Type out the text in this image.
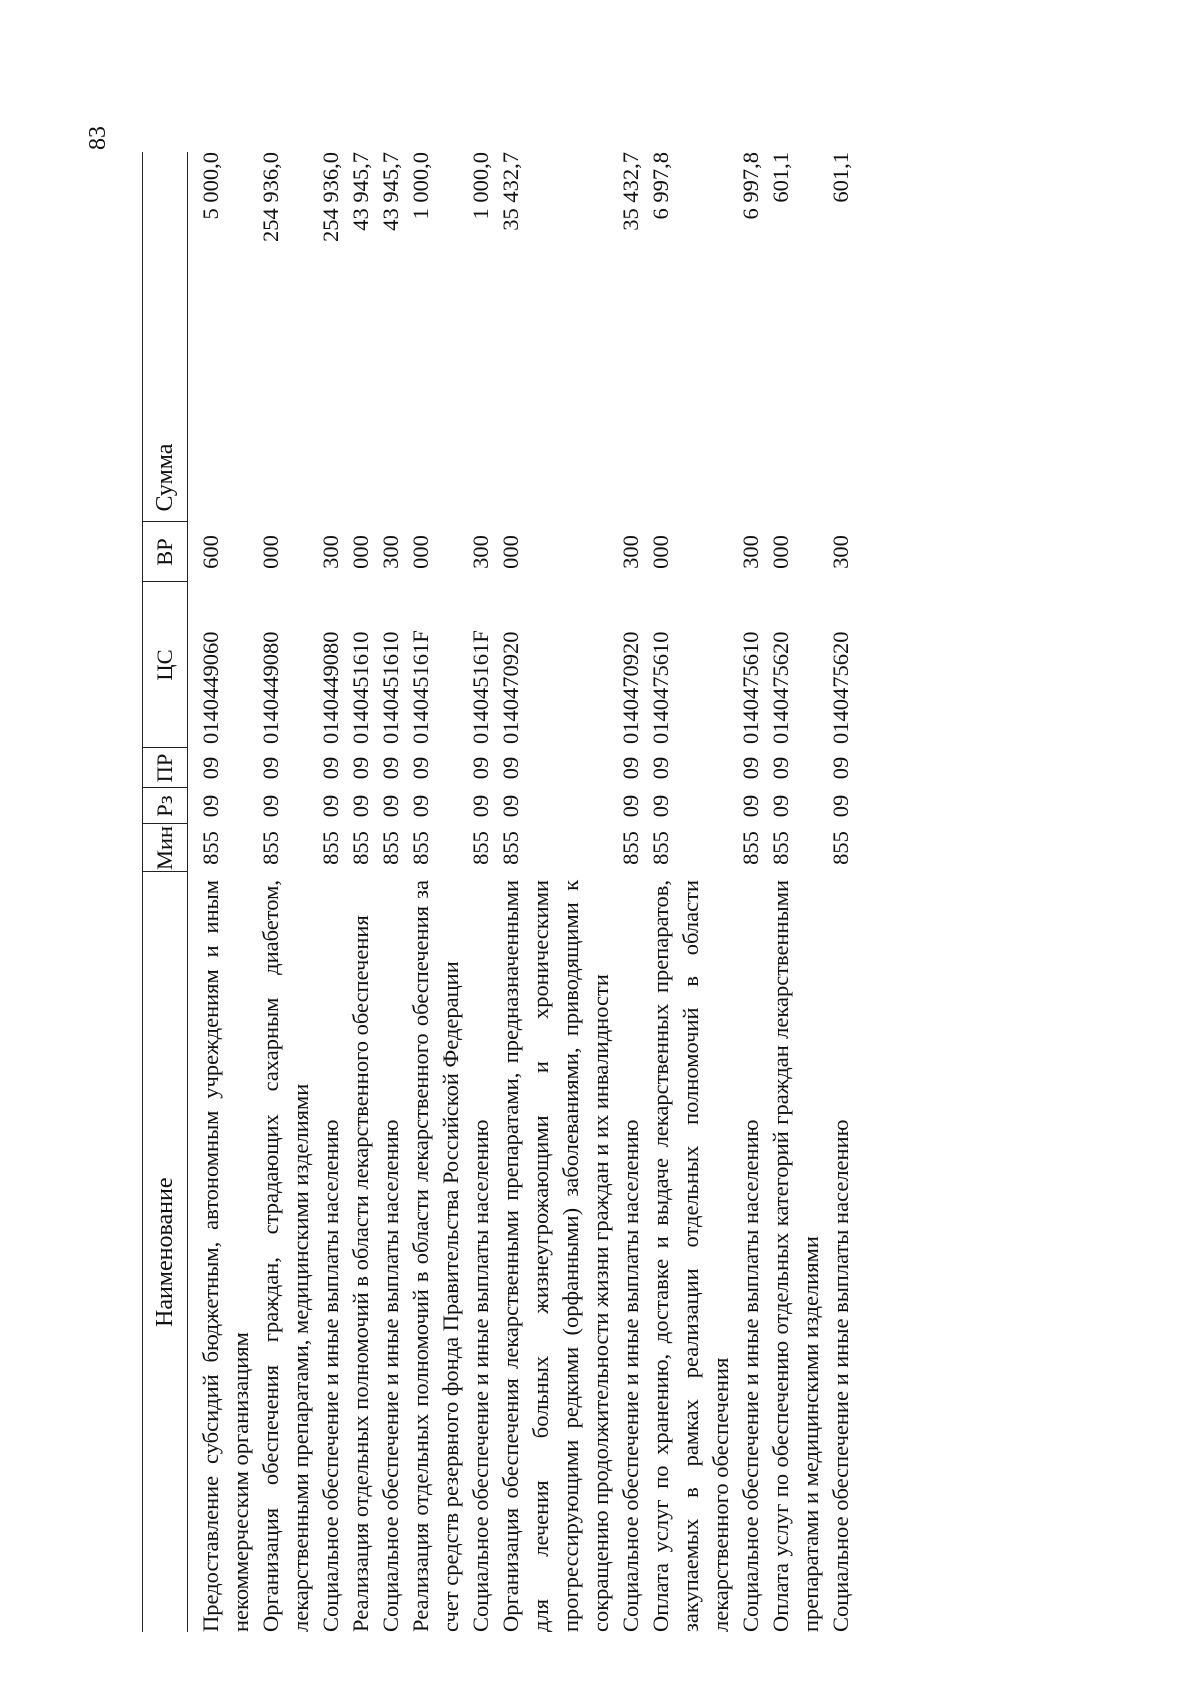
83
Наименование	Мин	Рз	ПР	ЦС	ВР	Сумма
Предоставление субсидий бюджетным, автономным учреждениям и иным некоммерческим организациям	855	09	09	0140449060	600	5 000,0
Организация обеспечения граждан, страдающих сахарным диабетом, лекарственными препаратами, медицинскими изделиями	855	09	09	0140449080	000	254 936,0
Социальное обеспечение и иные выплаты населению	855	09	09	0140449080	300	254 936,0
Реализация отдельных полномочий в области лекарственного обеспечения	855	09	09	0140451610	000	43 945,7
Социальное обеспечение и иные выплаты населению	855	09	09	0140451610	300	43 945,7
Реализация отдельных полномочий в области лекарственного обеспечения за счет средств резервного фонда Правительства Российской Федерации	855	09	09	014045161F	000	1 000,0
Социальное обеспечение и иные выплаты населению	855	09	09	014045161F	300	1 000,0
Организация обеспечения лекарственными препаратами, предназначенными для лечения больных жизнеугрожающими и хроническими прогрессирующими редкими (орфанными) заболеваниями, приводящими к сокращению продолжительности жизни граждан и их инвалидности	855	09	09	0140470920	000	35 432,7
Социальное обеспечение и иные выплаты населению	855	09	09	0140470920	300	35 432,7
Оплата услуг по хранению, доставке и выдаче лекарственных препаратов, закупаемых в рамках реализации отдельных полномочий в области лекарственного обеспечения	855	09	09	0140475610	000	6 997,8
Социальное обеспечение и иные выплаты населению	855	09	09	0140475610	300	6 997,8
Оплата услуг по обеспечению отдельных категорий граждан лекарственными препаратами и медицинскими изделиями	855	09	09	0140475620	000	601,1
Социальное обеспечение и иные выплаты населению	855	09	09	0140475620	300	601,1
